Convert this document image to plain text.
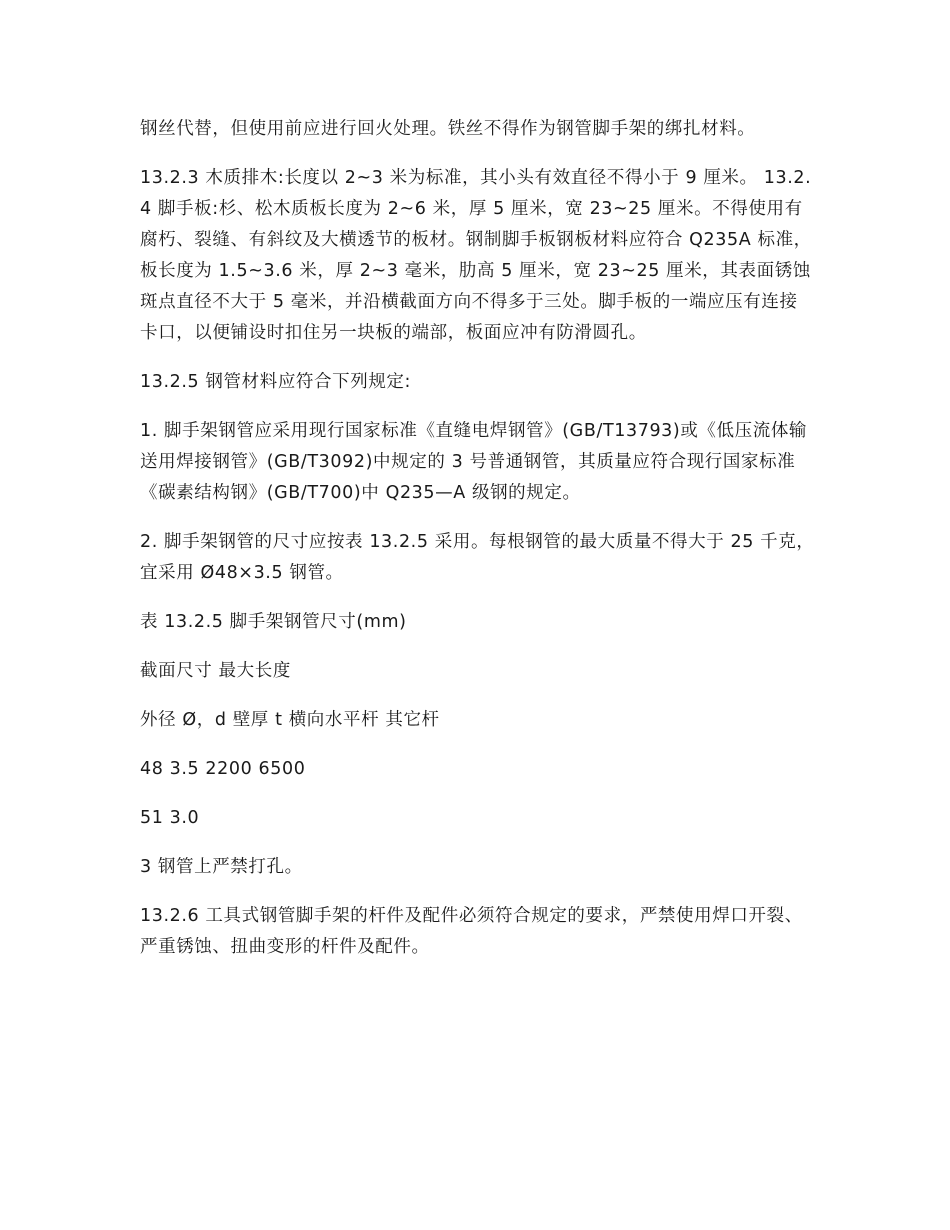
钢丝代替，但使用前应进行回火处理。铁丝不得作为钢管脚手架的绑扎材料。

13.2.3 木质排木:长度以 2~3 米为标准，其小头有效直径不得小于 9 厘米。 13.2.4 脚手板:杉、松木质板长度为 2~6 米，厚 5 厘米，宽 23~25 厘米。不得使用有腐朽、裂缝、有斜纹及大横透节的板材。钢制脚手板钢板材料应符合 Q235A 标准，板长度为 1.5~3.6 米，厚 2~3 毫米，肋高 5 厘米，宽 23~25 厘米，其表面锈蚀斑点直径不大于 5 毫米，并沿横截面方向不得多于三处。脚手板的一端应压有连接卡口，以便铺设时扣住另一块板的端部，板面应冲有防滑圆孔。

13.2.5 钢管材料应符合下列规定:

1. 脚手架钢管应采用现行国家标准《直缝电焊钢管》(GB/T13793)或《低压流体输送用焊接钢管》(GB/T3092)中规定的 3 号普通钢管，其质量应符合现行国家标准《碳素结构钢》(GB/T700)中 Q235—A 级钢的规定。

2. 脚手架钢管的尺寸应按表 13.2.5 采用。每根钢管的最大质量不得大于 25 千克，宜采用 Ø48×3.5 钢管。

表 13.2.5 脚手架钢管尺寸(mm)

截面尺寸 最大长度

外径 Ø，d 壁厚 t 横向水平杆 其它杆

48 3.5 2200 6500

51 3.0

3 钢管上严禁打孔。

13.2.6 工具式钢管脚手架的杆件及配件必须符合规定的要求，严禁使用焊口开裂、严重锈蚀、扭曲变形的杆件及配件。
